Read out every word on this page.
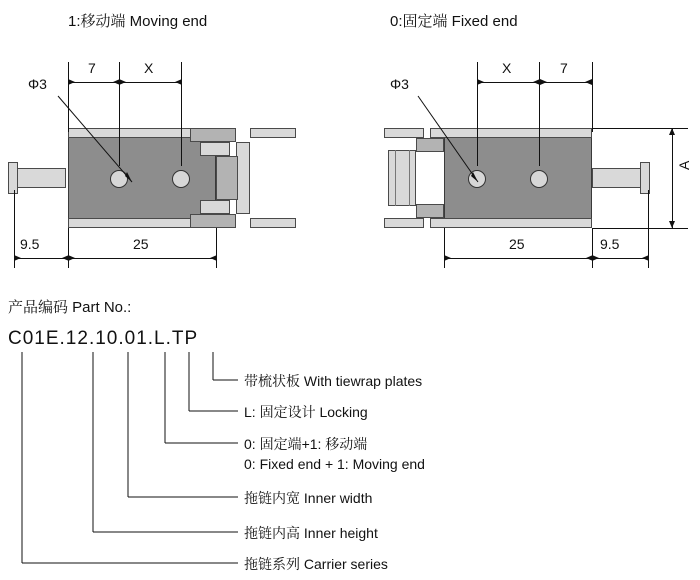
1:移动端 Moving end	0:固定端 Fixed end
Φ3	Φ3
7	X	X	7
9.5	25	25	9.5
A
产品编码 Part No.:
C01E.12.10.01.L.TP
带梳状板 With tiewrap plates
L: 固定设计 Locking
0: 固定端+1: 移动端
0: Fixed end + 1: Moving end
拖链内宽 Inner width
拖链内高 Inner height
拖链系列 Carrier series
